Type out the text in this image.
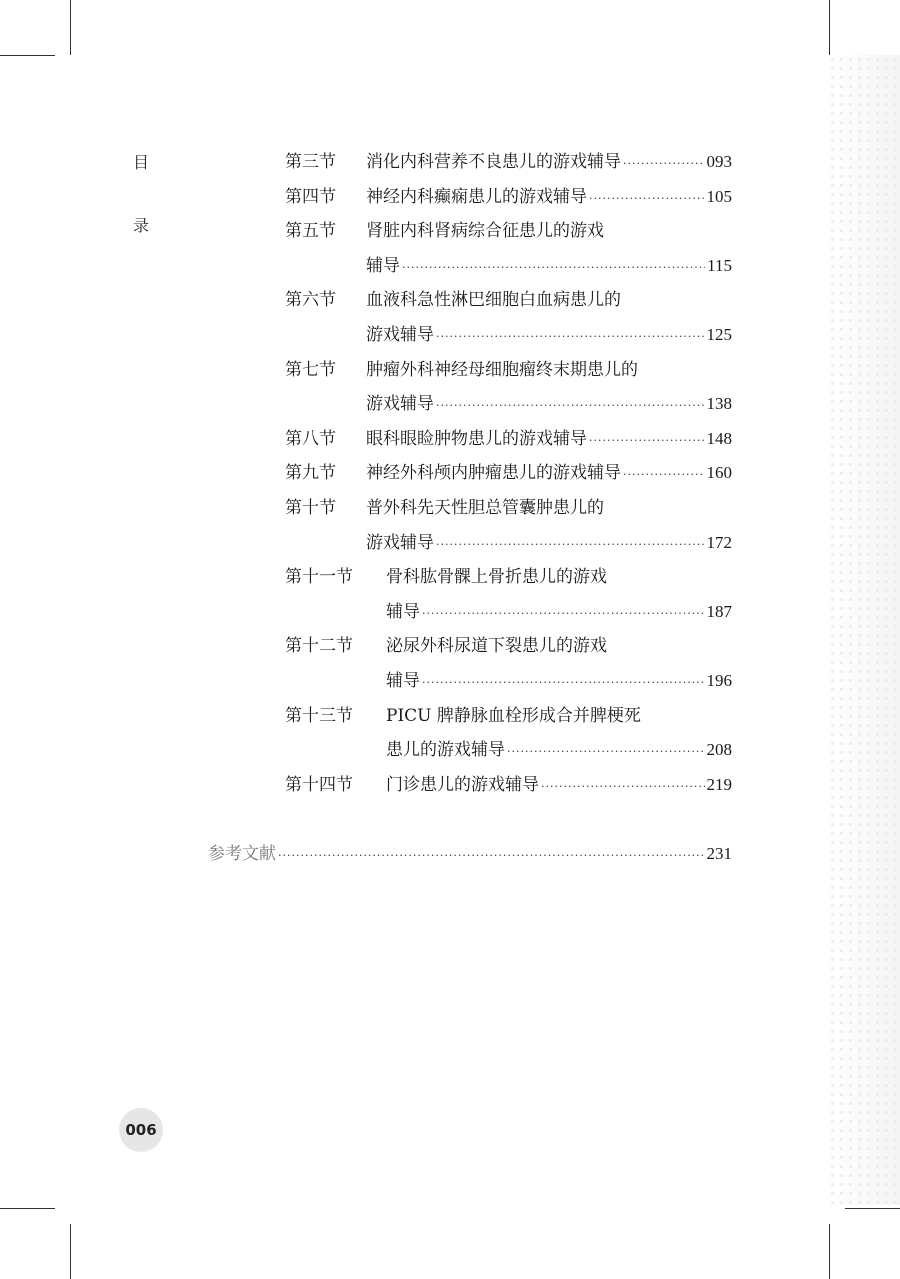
目
录
第三节 消化内科营养不良患儿的游戏辅导 ·····	093
第四节 神经内科癫痫患儿的游戏辅导 ·····	105
第五节 肾脏内科肾病综合征患儿的游戏
辅导 ·····	115
第六节 血液科急性淋巴细胞白血病患儿的
游戏辅导 ·····	125
第七节 肿瘤外科神经母细胞瘤终末期患儿的
游戏辅导 ·····	138
第八节 眼科眼睑肿物患儿的游戏辅导 ·····	148
第九节 神经外科颅内肿瘤患儿的游戏辅导 ·····	160
第十节 普外科先天性胆总管囊肿患儿的
游戏辅导 ·····	172
第十一节 骨科肱骨髁上骨折患儿的游戏
辅导 ·····	187
第十二节 泌尿外科尿道下裂患儿的游戏
辅导 ·····	196
第十三节 PICU 脾静脉血栓形成合并脾梗死
患儿的游戏辅导 ·····	208
第十四节 门诊患儿的游戏辅导 ·····	219
参考文献 ·····	231
006
